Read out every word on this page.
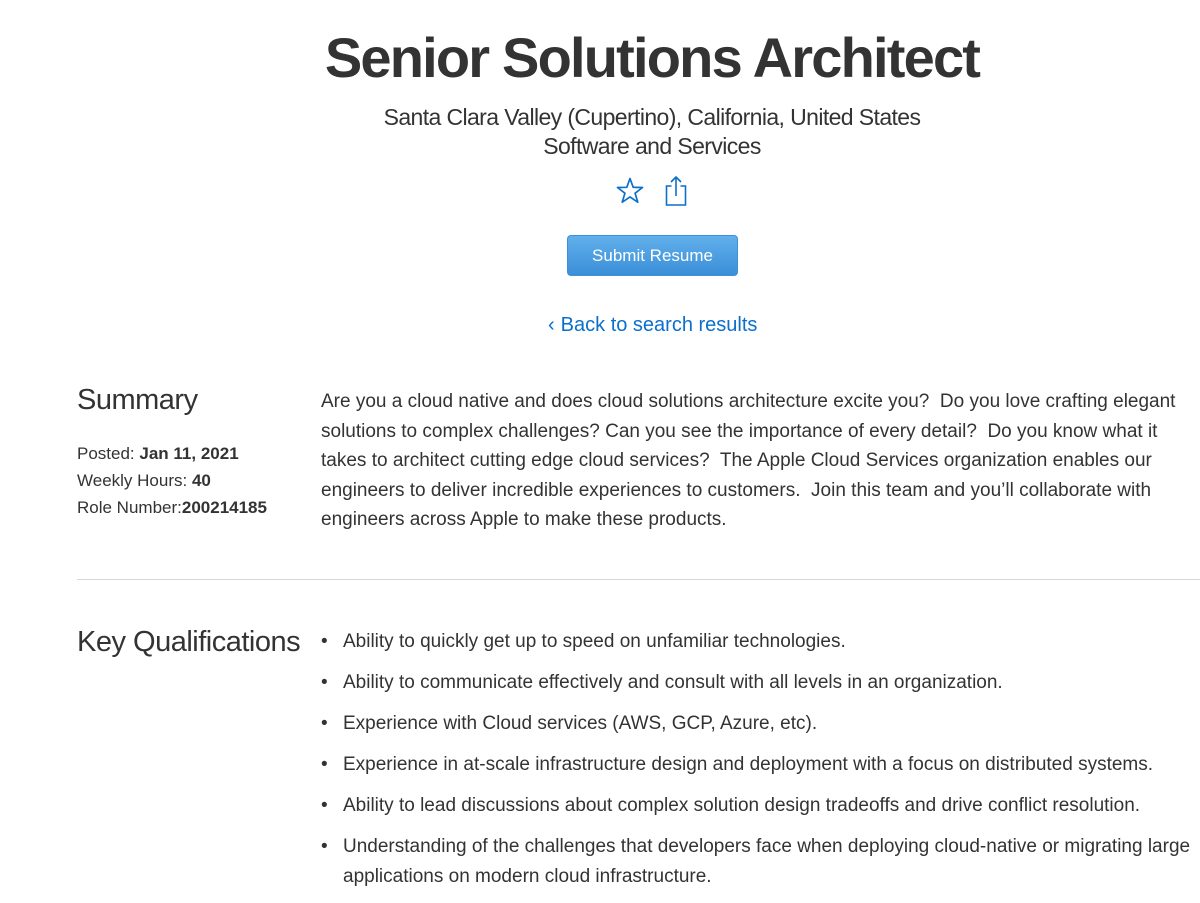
Senior Solutions Architect
Santa Clara Valley (Cupertino), California, United States
Software and Services
Submit Resume
‹ Back to search results
Summary
Posted: Jan 11, 2021
Weekly Hours: 40
Role Number:200214185

Are you a cloud native and does cloud solutions architecture excite you?  Do you love crafting elegant solutions to complex challenges? Can you see the importance of every detail?  Do you know what it takes to architect cutting edge cloud services?  The Apple Cloud Services organization enables our engineers to deliver incredible experiences to customers.  Join this team and you’ll collaborate with engineers across Apple to make these products.

Key Qualifications • Ability to quickly get up to speed on unfamiliar technologies.
• Ability to communicate effectively and consult with all levels in an organization.
• Experience with Cloud services (AWS, GCP, Azure, etc).
• Experience in at-scale infrastructure design and deployment with a focus on distributed systems.
• Ability to lead discussions about complex solution design tradeoffs and drive conflict resolution.
• Understanding of the challenges that developers face when deploying cloud-native or migrating large applications on modern cloud infrastructure.
